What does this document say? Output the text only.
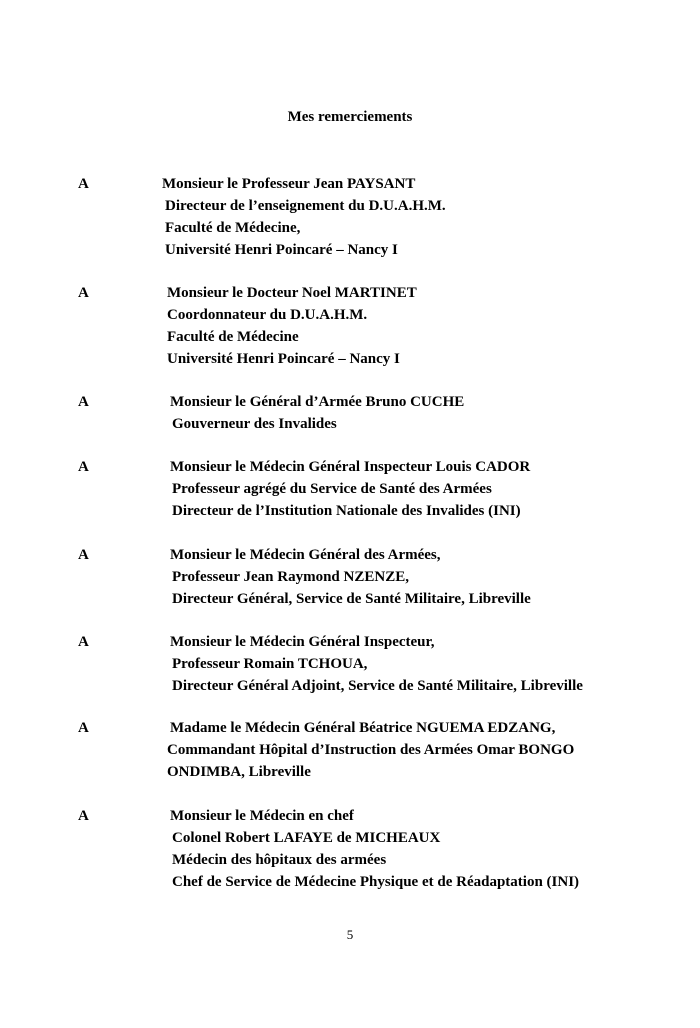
Mes remerciements
A	Monsieur le Professeur Jean PAYSANT
Directeur de l’enseignement du D.U.A.H.M.
Faculté de Médecine,
Université Henri Poincaré – Nancy I
A	Monsieur le Docteur Noel MARTINET
Coordonnateur du D.U.A.H.M.
Faculté de Médecine
Université Henri Poincaré – Nancy I
A	Monsieur le Général d’Armée Bruno CUCHE
Gouverneur des Invalides
A	Monsieur le Médecin Général Inspecteur Louis CADOR
Professeur agrégé du Service de Santé des Armées
Directeur de l’Institution Nationale des Invalides (INI)
A	Monsieur le Médecin Général des Armées,
Professeur Jean Raymond NZENZE,
Directeur Général, Service de Santé Militaire, Libreville
A	Monsieur le Médecin Général Inspecteur,
Professeur Romain TCHOUA,
Directeur Général Adjoint, Service de Santé Militaire, Libreville
A	Madame le Médecin Général Béatrice NGUEMA EDZANG,
Commandant Hôpital d’Instruction des Armées Omar BONGO
ONDIMBA, Libreville
A	Monsieur le Médecin en chef
Colonel Robert LAFAYE de MICHEAUX
Médecin des hôpitaux des armées
Chef de Service de Médecine Physique et de Réadaptation (INI)
5
